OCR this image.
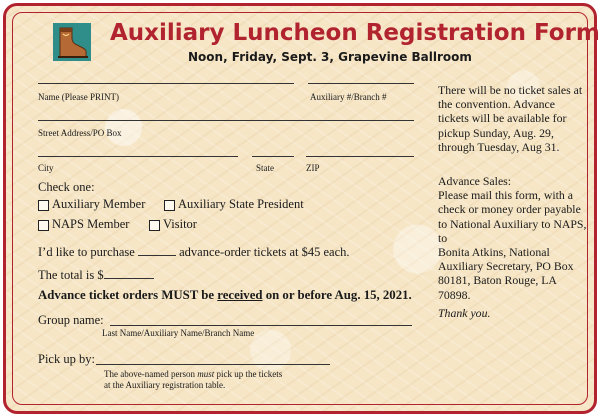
Auxiliary Luncheon Registration Form
Noon, Friday, Sept. 3, Grapevine Ballroom
Name (Please PRINT)	Auxiliary #/Branch #
Street Address/PO Box
City	State	ZIP
Check one:
Auxiliary Member	Auxiliary State President
NAPS Member	Visitor
I’d like to purchase	advance-order tickets at $45 each.
The total is $
Advance ticket orders MUST be received on or before Aug. 15, 2021.
Group name:
Last Name/Auxiliary Name/Branch Name
Pick up by:
The above-named person must pick up the tickets
at the Auxiliary registration table.
There will be no ticket sales at the convention. Advance tickets will be available for pickup Sunday, Aug. 29, through Tuesday, Aug 31.
Advance Sales:
Please mail this form, with a check or money order payable to National Auxiliary to NAPS, to
Bonita Atkins, National Auxiliary Secretary, PO Box 80181, Baton Rouge, LA 70898.
Thank you.
